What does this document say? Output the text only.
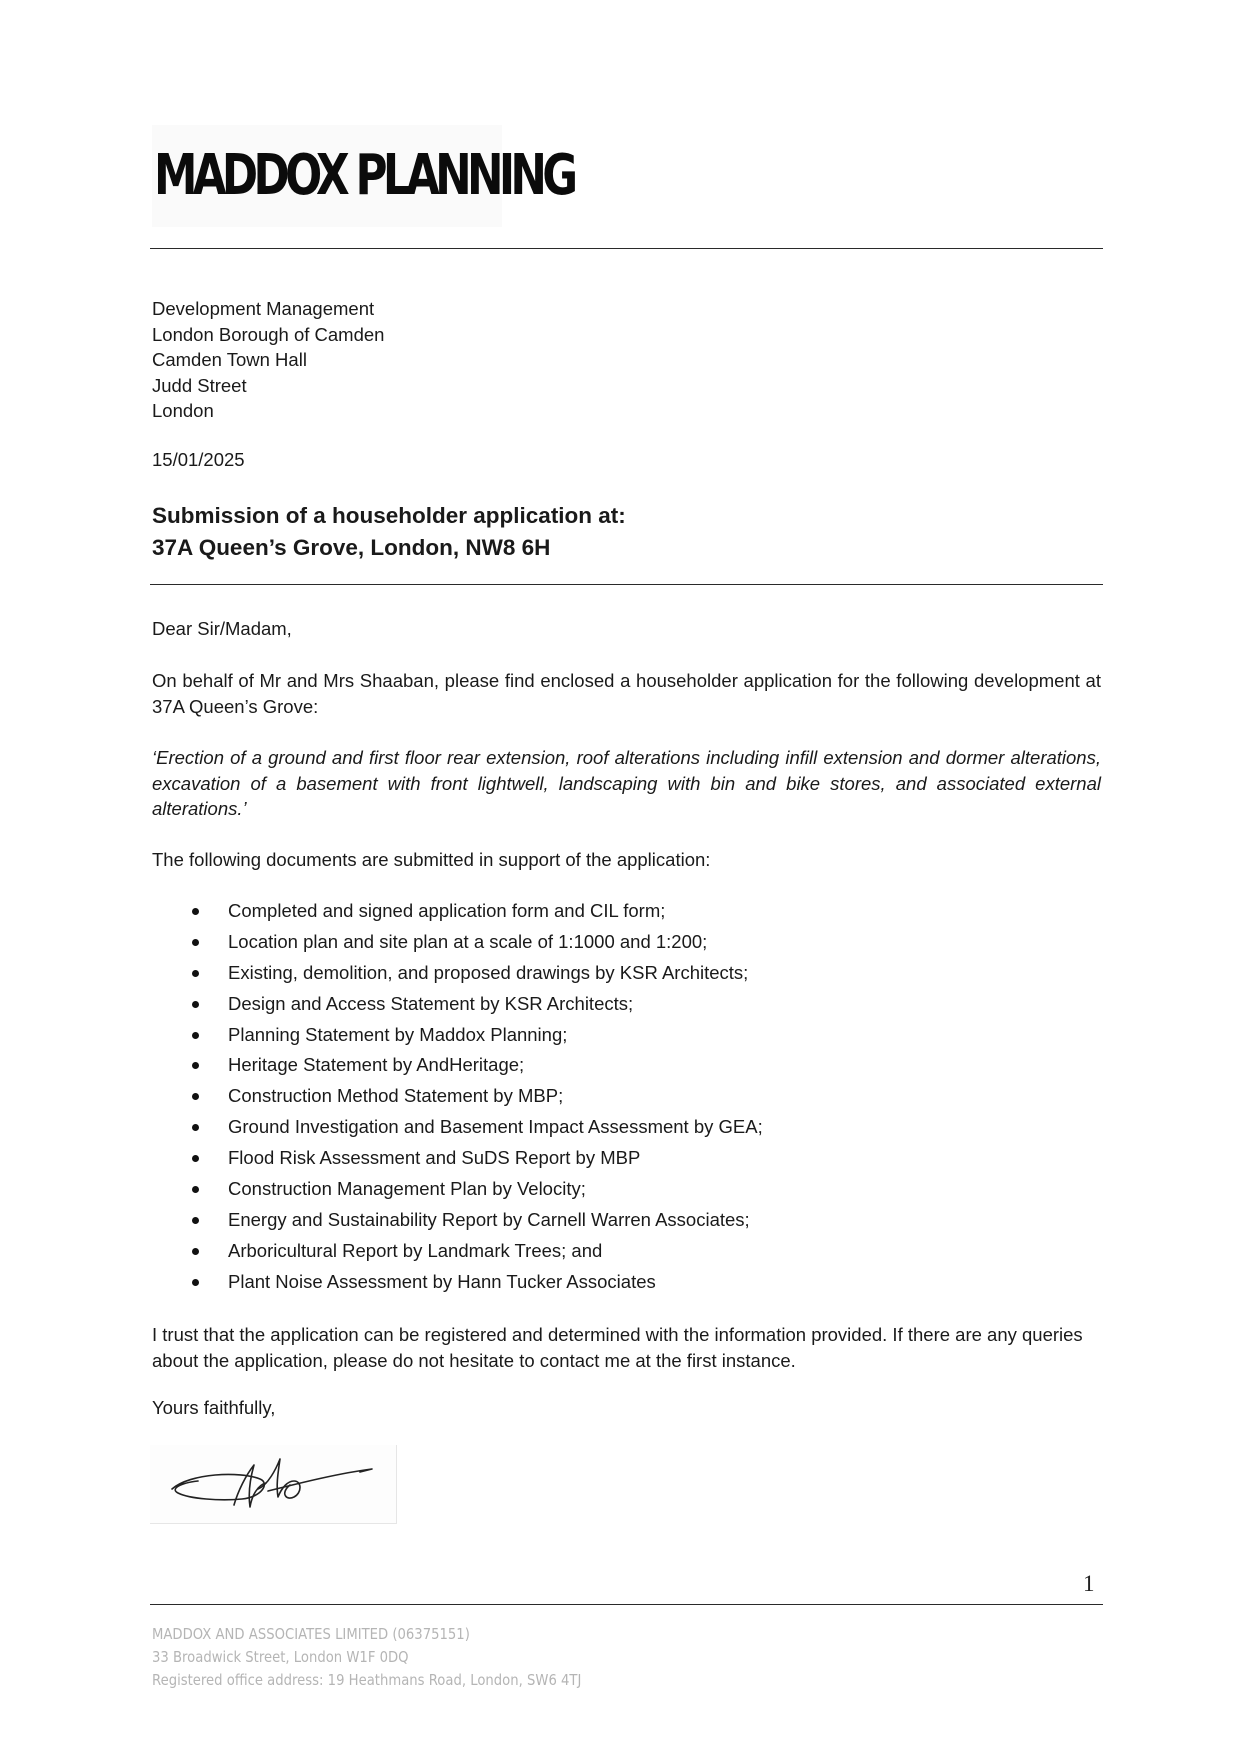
MADDOX PLANNING
Development Management
London Borough of Camden
Camden Town Hall
Judd Street
London
15/01/2025
Submission of a householder application at:
37A Queen’s Grove, London, NW8 6H
Dear Sir/Madam,
On behalf of Mr and Mrs Shaaban, please find enclosed a householder application for the following development at 37A Queen’s Grove:
‘Erection of a ground and first floor rear extension, roof alterations including infill extension and dormer alterations, excavation of a basement with front lightwell, landscaping with bin and bike stores, and associated external alterations.’
The following documents are submitted in support of the application:
Completed and signed application form and CIL form;
Location plan and site plan at a scale of 1:1000 and 1:200;
Existing, demolition, and proposed drawings by KSR Architects;
Design and Access Statement by KSR Architects;
Planning Statement by Maddox Planning;
Heritage Statement by AndHeritage;
Construction Method Statement by MBP;
Ground Investigation and Basement Impact Assessment by GEA;
Flood Risk Assessment and SuDS Report by MBP
Construction Management Plan by Velocity;
Energy and Sustainability Report by Carnell Warren Associates;
Arboricultural Report by Landmark Trees; and
Plant Noise Assessment by Hann Tucker Associates
I trust that the application can be registered and determined with the information provided. If there are any queries about the application, please do not hesitate to contact me at the first instance.
Yours faithfully,
1
MADDOX AND ASSOCIATES LIMITED (06375151)
33 Broadwick Street, London W1F 0DQ
Registered office address: 19 Heathmans Road, London, SW6 4TJ
